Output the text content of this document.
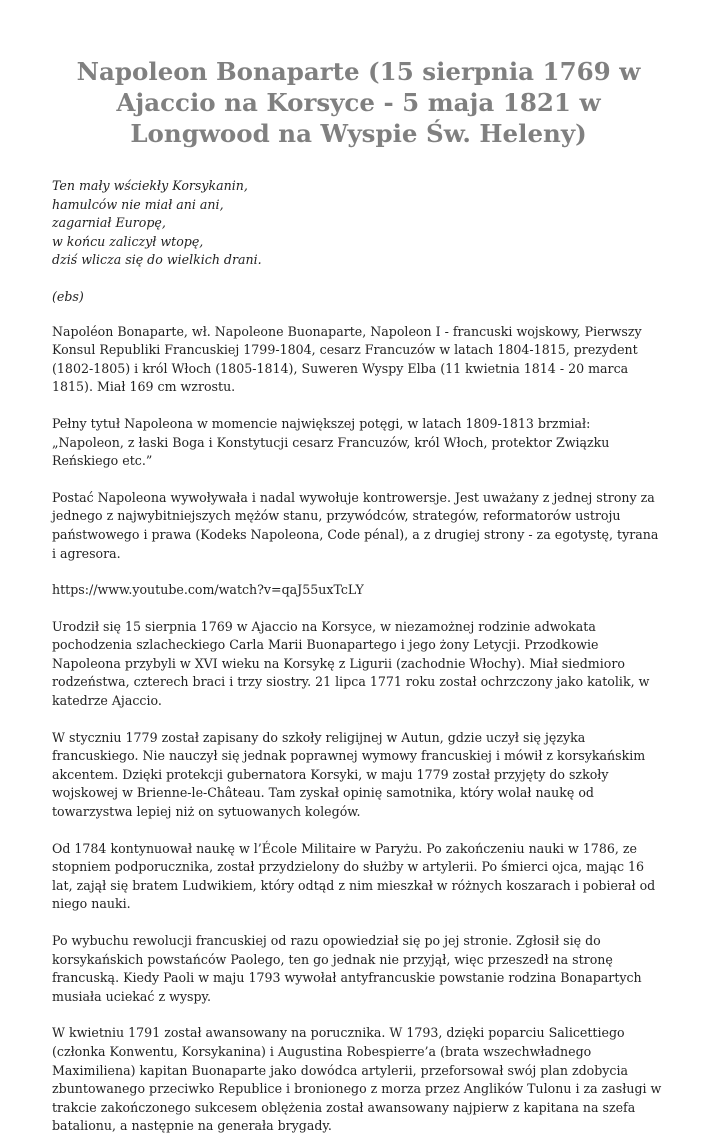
Napoleon Bonaparte (15 sierpnia 1769 w Ajaccio na Korsyce - 5 maja 1821 w Longwood na Wyspie Św. Heleny)
Ten mały wściekły Korsykanin,
hamulców nie miał ani ani,
zagarniał Europę,
w końcu zaliczył wtopę,
dziś wlicza się do wielkich drani.
(ebs)

Napoléon Bonaparte, wł. Napoleone Buonaparte, Napoleon I - francuski wojskowy, Pierwszy Konsul Republiki Francuskiej 1799-1804, cesarz Francuzów w latach 1804-1815, prezydent (1802-1805) i król Włoch (1805-1814), Suweren Wyspy Elba (11 kwietnia 1814 - 20 marca 1815). Miał 169 cm wzrostu.

Pełny tytuł Napoleona w momencie największej potęgi, w latach 1809-1813 brzmiał: „Napoleon, z łaski Boga i Konstytucji cesarz Francuzów, król Włoch, protektor Związku Reńskiego etc.”

Postać Napoleona wywoływała i nadal wywołuje kontrowersje. Jest uważany z jednej strony za jednego z najwybitniejszych mężów stanu, przywódców, strategów, reformatorów ustroju państwowego i prawa (Kodeks Napoleona, Code pénal), a z drugiej strony - za egotystę, tyrana i agresora.

https://www.youtube.com/watch?v=qaJ55uxTcLY

Urodził się 15 sierpnia 1769 w Ajaccio na Korsyce, w niezamożnej rodzinie adwokata pochodzenia szlacheckiego Carla Marii Buonapartego i jego żony Letycji. Przodkowie Napoleona przybyli w XVI wieku na Korsykę z Ligurii (zachodnie Włochy). Miał siedmioro rodzeństwa, czterech braci i trzy siostry. 21 lipca 1771 roku został ochrzczony jako katolik, w katedrze Ajaccio.

W styczniu 1779 został zapisany do szkoły religijnej w Autun, gdzie uczył się języka francuskiego. Nie nauczył się jednak poprawnej wymowy francuskiej i mówił z korsykańskim akcentem. Dzięki protekcji gubernatora Korsyki, w maju 1779 został przyjęty do szkoły wojskowej w Brienne-le-Château. Tam zyskał opinię samotnika, który wolał naukę od towarzystwa lepiej niż on sytuowanych kolegów.

Od 1784 kontynuował naukę w l’École Militaire w Paryżu. Po zakończeniu nauki w 1786, ze stopniem podporucznika, został przydzielony do służby w artylerii. Po śmierci ojca, mając 16 lat, zajął się bratem Ludwikiem, który odtąd z nim mieszkał w różnych koszarach i pobierał od niego nauki.

Po wybuchu rewolucji francuskiej od razu opowiedział się po jej stronie. Zgłosił się do korsykańskich powstańców Paolego, ten go jednak nie przyjął, więc przeszedł na stronę francuską. Kiedy Paoli w maju 1793 wywołał antyfrancuskie powstanie rodzina Bonapartych musiała uciekać z wyspy.

W kwietniu 1791 został awansowany na porucznika. W 1793, dzięki poparciu Salicettiego (członka Konwentu, Korsykanina) i Augustina Robespierre’a (brata wszechwładnego Maximiliena) kapitan Buonaparte jako dowódca artylerii, przeforsował swój plan zdobycia zbuntowanego przeciwko Republice i bronionego z morza przez Anglików Tulonu i za zasługi w trakcie zakończonego sukcesem oblężenia został awansowany najpierw z kapitana na szefa batalionu, a następnie na generała brygady.
